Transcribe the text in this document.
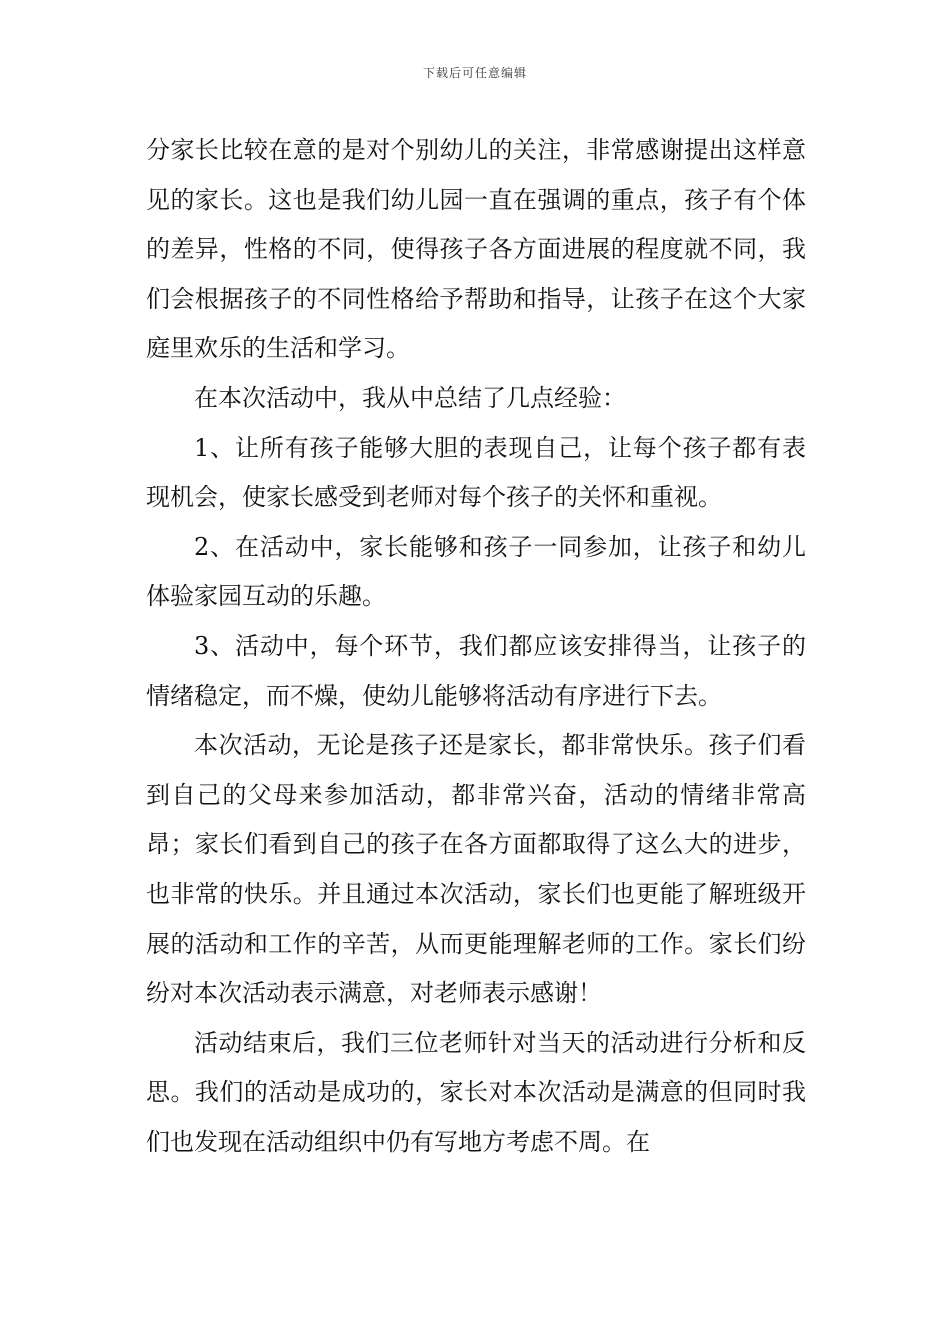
下载后可任意编辑

分家长比较在意的是对个别幼儿的关注，非常感谢提出这样意见的家长。这也是我们幼儿园一直在强调的重点，孩子有个体的差异，性格的不同，使得孩子各方面进展的程度就不同，我们会根据孩子的不同性格给予帮助和指导，让孩子在这个大家庭里欢乐的生活和学习。

在本次活动中，我从中总结了几点经验：

1、让所有孩子能够大胆的表现自己，让每个孩子都有表现机会，使家长感受到老师对每个孩子的关怀和重视。

2、在活动中，家长能够和孩子一同参加，让孩子和幼儿体验家园互动的乐趣。

3、活动中，每个环节，我们都应该安排得当，让孩子的情绪稳定，而不燥，使幼儿能够将活动有序进行下去。

本次活动，无论是孩子还是家长，都非常快乐。孩子们看到自己的父母来参加活动，都非常兴奋，活动的情绪非常高昂；家长们看到自己的孩子在各方面都取得了这么大的进步，也非常的快乐。并且通过本次活动，家长们也更能了解班级开展的活动和工作的辛苦，从而更能理解老师的工作。家长们纷纷对本次活动表示满意，对老师表示感谢！

活动结束后，我们三位老师针对当天的活动进行分析和反思。我们的活动是成功的，家长对本次活动是满意的但同时我们也发现在活动组织中仍有写地方考虑不周。在
